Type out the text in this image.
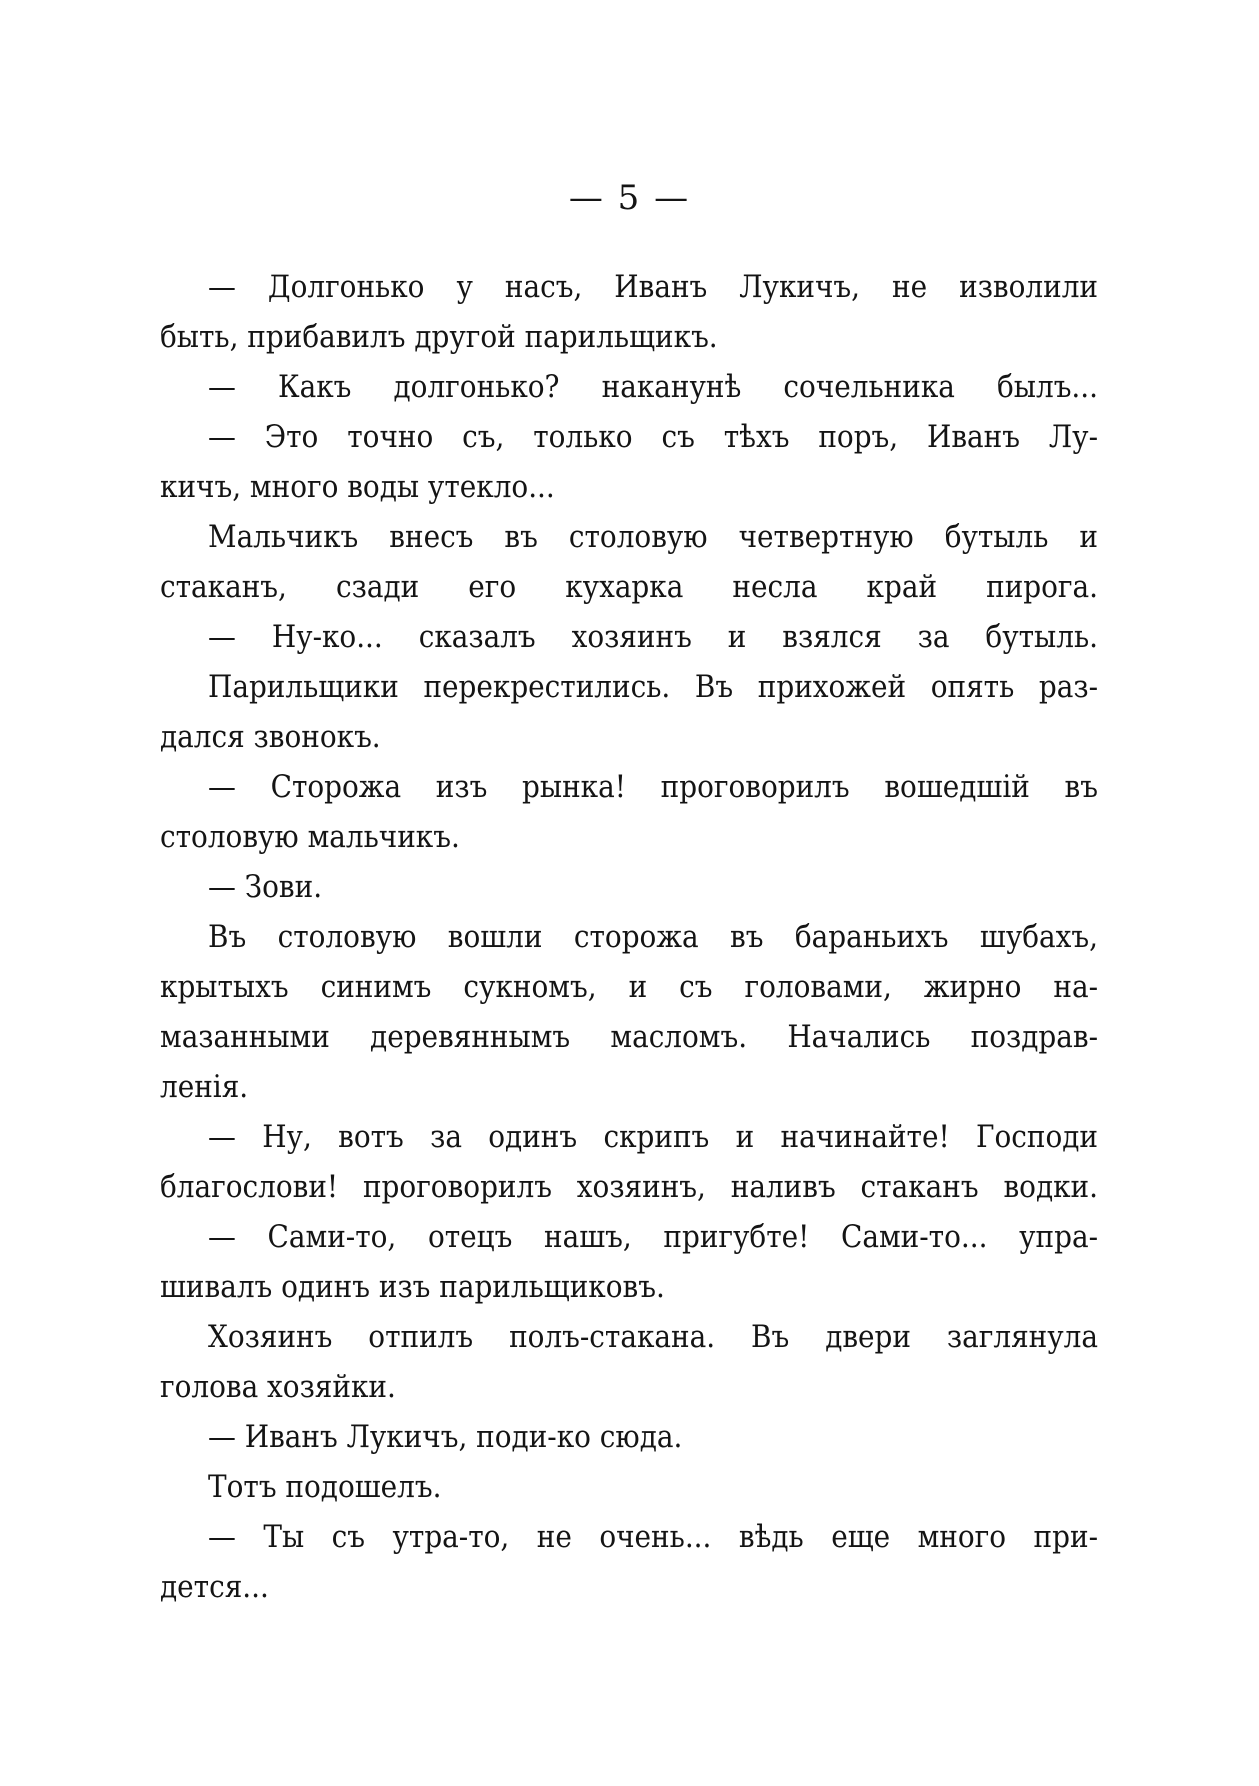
— 5 —
— Долгонько у насъ, Иванъ Лукичъ, не изволили
быть, прибавилъ другой парильщикъ.
— Какъ долгонько? наканунѣ сочельника былъ...
— Это точно съ, только съ тѣхъ поръ, Иванъ Лу-
кичъ, много воды утекло...
Мальчикъ внесъ въ столовую четвертную бутыль и
стаканъ, сзади его кухарка несла край пирога.
— Ну-ко... сказалъ хозяинъ и взялся за бутыль.
Парильщики перекрестились. Въ прихожей опять раз-
дался звонокъ.
— Сторожа изъ рынка! проговорилъ вошедшій въ
столовую мальчикъ.
— Зови.
Въ столовую вошли сторожа въ бараньихъ шубахъ,
крытыхъ синимъ сукномъ, и съ головами, жирно на-
мазанными деревяннымъ масломъ. Начались поздрав-
ленія.
— Ну, вотъ за одинъ скрипъ и начинайте! Господи
благослови! проговорилъ хозяинъ, наливъ стаканъ водки.
— Сами-то, отецъ нашъ, пригубте! Сами-то... упра-
шивалъ одинъ изъ парильщиковъ.
Хозяинъ отпилъ полъ-стакана. Въ двери заглянула
голова хозяйки.
— Иванъ Лукичъ, поди-ко сюда.
Тотъ подошелъ.
— Ты съ утра-то, не очень... вѣдь еще много при-
дется...
